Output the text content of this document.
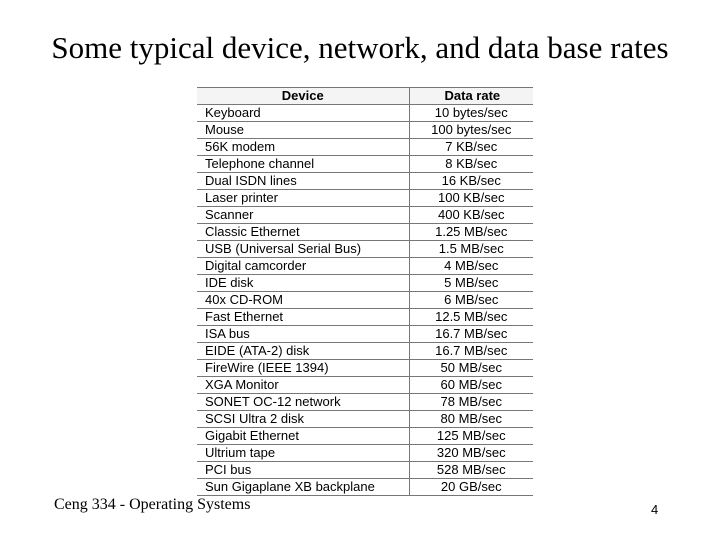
Some typical device, network, and data base rates
Device	Data rate
Keyboard	10 bytes/sec
Mouse	100 bytes/sec
56K modem	7 KB/sec
Telephone channel	8 KB/sec
Dual ISDN lines	16 KB/sec
Laser printer	100 KB/sec
Scanner	400 KB/sec
Classic Ethernet	1.25 MB/sec
USB (Universal Serial Bus)	1.5 MB/sec
Digital camcorder	4 MB/sec
IDE disk	5 MB/sec
40x CD-ROM	6 MB/sec
Fast Ethernet	12.5 MB/sec
ISA bus	16.7 MB/sec
EIDE (ATA-2) disk	16.7 MB/sec
FireWire (IEEE 1394)	50 MB/sec
XGA Monitor	60 MB/sec
SONET OC-12 network	78 MB/sec
SCSI Ultra 2 disk	80 MB/sec
Gigabit Ethernet	125 MB/sec
Ultrium tape	320 MB/sec
PCI bus	528 MB/sec
Sun Gigaplane XB backplane	20 GB/sec
Ceng 334 - Operating Systems	4
